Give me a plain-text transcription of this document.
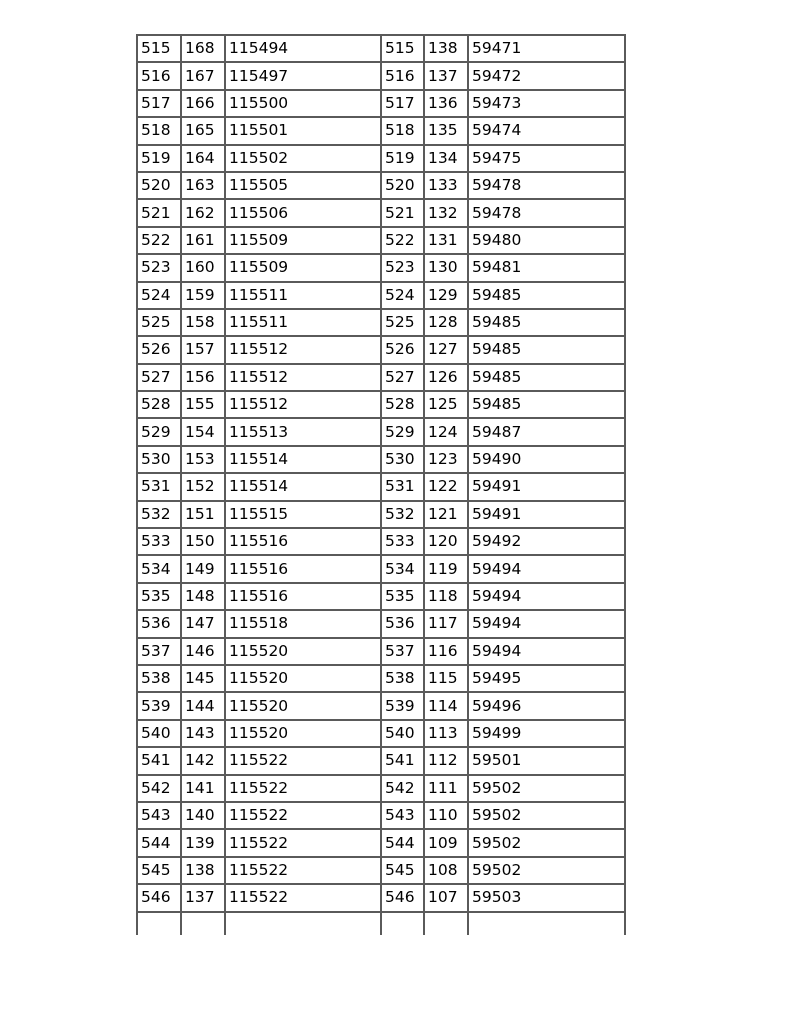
515	168	115494	515	138	59471
516	167	115497	516	137	59472
517	166	115500	517	136	59473
518	165	115501	518	135	59474
519	164	115502	519	134	59475
520	163	115505	520	133	59478
521	162	115506	521	132	59478
522	161	115509	522	131	59480
523	160	115509	523	130	59481
524	159	115511	524	129	59485
525	158	115511	525	128	59485
526	157	115512	526	127	59485
527	156	115512	527	126	59485
528	155	115512	528	125	59485
529	154	115513	529	124	59487
530	153	115514	530	123	59490
531	152	115514	531	122	59491
532	151	115515	532	121	59491
533	150	115516	533	120	59492
534	149	115516	534	119	59494
535	148	115516	535	118	59494
536	147	115518	536	117	59494
537	146	115520	537	116	59494
538	145	115520	538	115	59495
539	144	115520	539	114	59496
540	143	115520	540	113	59499
541	142	115522	541	112	59501
542	141	115522	542	111	59502
543	140	115522	543	110	59502
544	139	115522	544	109	59502
545	138	115522	545	108	59502
546	137	115522	546	107	59503
